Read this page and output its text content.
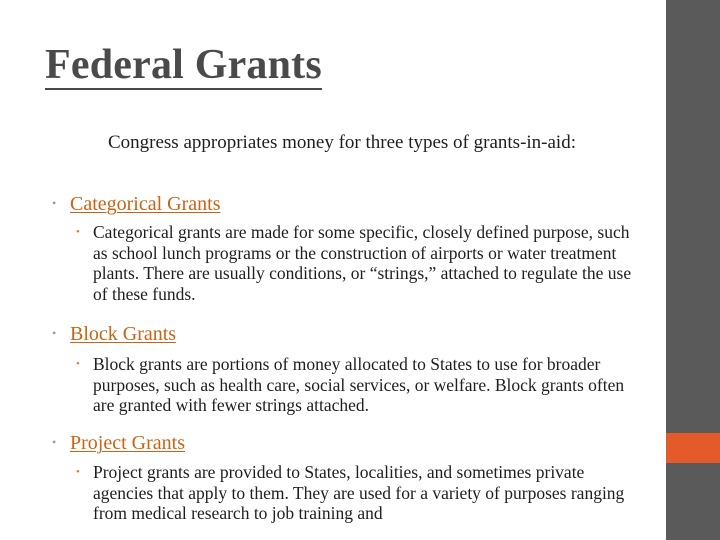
Federal Grants
Congress appropriates money for three types of grants-in-aid:
• Categorical Grants
• Categorical grants are made for some specific, closely defined purpose, such as school lunch programs or the construction of airports or water treatment plants. There are usually conditions, or “strings,” attached to regulate the use of these funds.
• Block Grants
• Block grants are portions of money allocated to States to use for broader purposes, such as health care, social services, or welfare. Block grants often are granted with fewer strings attached.
• Project Grants
• Project grants are provided to States, localities, and sometimes private agencies that apply to them. They are used for a variety of purposes ranging from medical research to job training and
